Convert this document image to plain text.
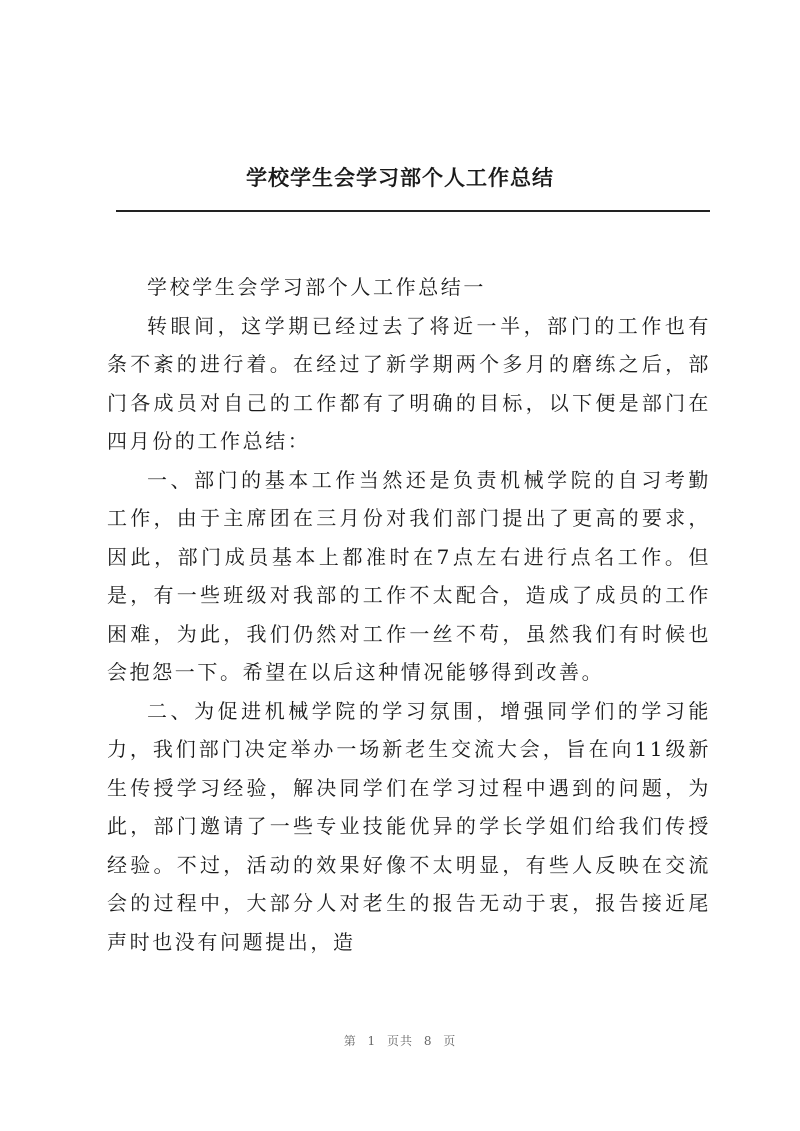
学校学生会学习部个人工作总结

学校学生会学习部个人工作总结一

转眼间，这学期已经过去了将近一半，部门的工作也有条不紊的进行着。在经过了新学期两个多月的磨练之后，部门各成员对自己的工作都有了明确的目标，以下便是部门在四月份的工作总结：

一、部门的基本工作当然还是负责机械学院的自习考勤工作，由于主席团在三月份对我们部门提出了更高的要求，因此，部门成员基本上都准时在7点左右进行点名工作。但是，有一些班级对我部的工作不太配合，造成了成员的工作困难，为此，我们仍然对工作一丝不苟，虽然我们有时候也会抱怨一下。希望在以后这种情况能够得到改善。

二、为促进机械学院的学习氛围，增强同学们的学习能力，我们部门决定举办一场新老生交流大会，旨在向11级新生传授学习经验，解决同学们在学习过程中遇到的问题，为此，部门邀请了一些专业技能优异的学长学姐们给我们传授经验。不过，活动的效果好像不太明显，有些人反映在交流会的过程中，大部分人对老生的报告无动于衷，报告接近尾声时也没有问题提出，造

第 1 页共 8 页
